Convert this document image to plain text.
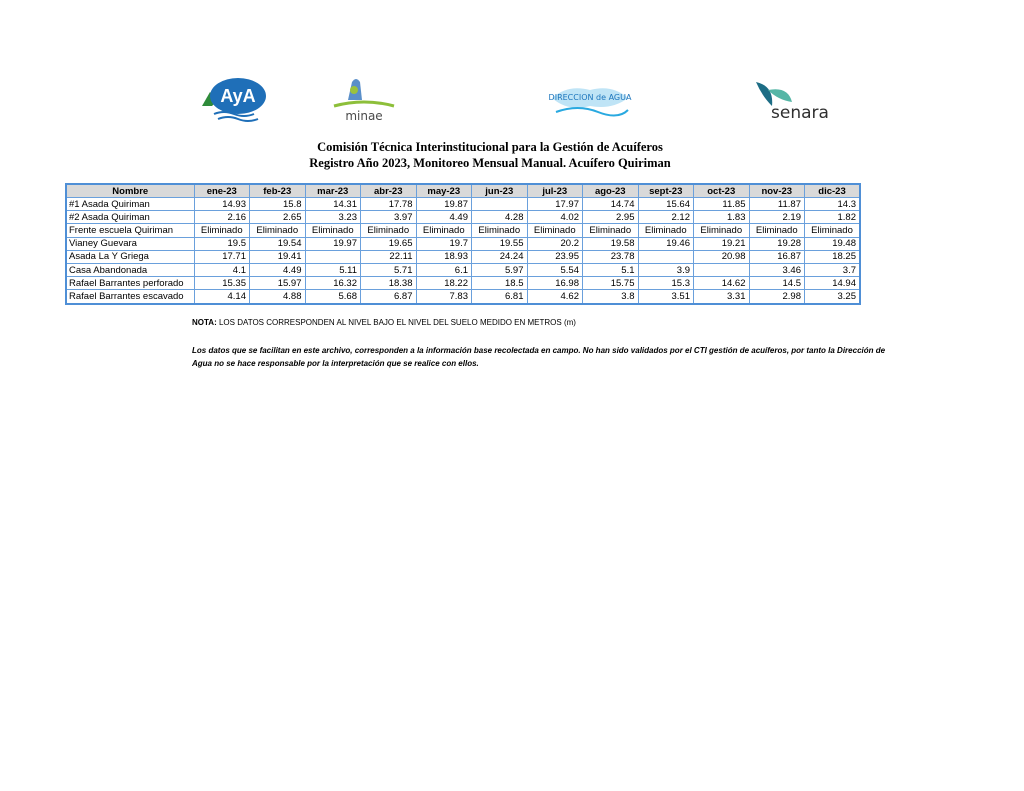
AyA
minae
DIRECCION de AGUA
senara
Comisión Técnica Interinstitucional para la Gestión de Acuíferos
Registro Año 2023, Monitoreo Mensual Manual. Acuífero Quiriman
Nombre	ene-23	feb-23	mar-23	abr-23	may-23	jun-23	jul-23	ago-23	sept-23	oct-23	nov-23	dic-23
#1 Asada Quiriman	14.93	15.8	14.31	17.78	19.87		17.97	14.74	15.64	11.85	11.87	14.3
#2 Asada Quiriman	2.16	2.65	3.23	3.97	4.49	4.28	4.02	2.95	2.12	1.83	2.19	1.82
Frente escuela Quiriman	Eliminado	Eliminado	Eliminado	Eliminado	Eliminado	Eliminado	Eliminado	Eliminado	Eliminado	Eliminado	Eliminado	Eliminado
Vianey Guevara	19.5	19.54	19.97	19.65	19.7	19.55	20.2	19.58	19.46	19.21	19.28	19.48
Asada La Y Griega	17.71	19.41		22.11	18.93	24.24	23.95	23.78		20.98	16.87	18.25
Casa Abandonada	4.1	4.49	5.11	5.71	6.1	5.97	5.54	5.1	3.9		3.46	3.7
Rafael Barrantes perforado	15.35	15.97	16.32	18.38	18.22	18.5	16.98	15.75	15.3	14.62	14.5	14.94
Rafael Barrantes escavado	4.14	4.88	5.68	6.87	7.83	6.81	4.62	3.8	3.51	3.31	2.98	3.25
NOTA: LOS DATOS CORRESPONDEN AL NIVEL BAJO EL NIVEL DEL SUELO MEDIDO EN METROS (m)
Los datos que se facilitan en este archivo, corresponden a la información base recolectada en campo. No han sido validados por el CTI gestión de acuíferos, por tanto la Dirección de Agua no se hace responsable por la interpretación que se realice con ellos.
